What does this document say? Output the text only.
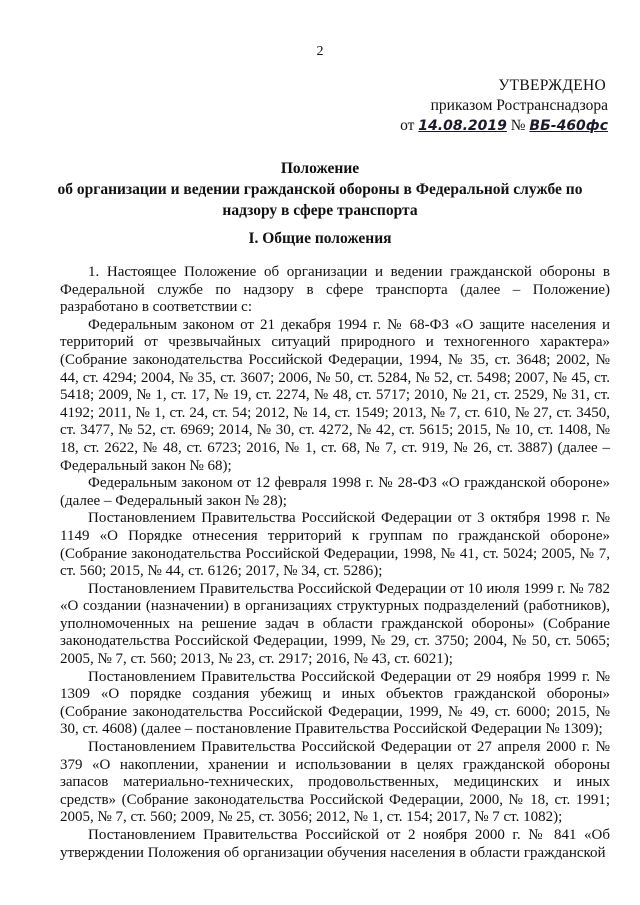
2
УТВЕРЖДЕНО
приказом Ространснадзора
от 14.08.2019 № ВБ-460фс
Положение
об организации и ведении гражданской обороны в Федеральной службе по
надзору в сфере транспорта
I. Общие положения

1. Настоящее Положение об организации и ведении гражданской обороны в Федеральной службе по надзору в сфере транспорта (далее – Положение) разработано в соответствии с:

Федеральным законом от 21 декабря 1994 г. № 68-ФЗ «О защите населения и территорий от чрезвычайных ситуаций природного и техногенного характера» (Собрание законодательства Российской Федерации, 1994, № 35, ст. 3648; 2002, № 44, ст. 4294; 2004, № 35, ст. 3607; 2006, № 50, ст. 5284, № 52, ст. 5498; 2007, № 45, ст. 5418; 2009, № 1, ст. 17, № 19, ст. 2274, № 48, ст. 5717; 2010, № 21, ст. 2529, № 31, ст. 4192; 2011, № 1, ст. 24, ст. 54; 2012, № 14, ст. 1549; 2013, № 7, ст. 610, № 27, ст. 3450, ст. 3477, № 52, ст. 6969; 2014, № 30, ст. 4272, № 42, ст. 5615; 2015, № 10, ст. 1408, № 18, ст. 2622, № 48, ст. 6723; 2016, № 1, ст. 68, № 7, ст. 919, № 26, ст. 3887) (далее – Федеральный закон № 68);

Федеральным законом от 12 февраля 1998 г. № 28-ФЗ «О гражданской обороне» (далее – Федеральный закон № 28);

Постановлением Правительства Российской Федерации от 3 октября 1998 г. № 1149 «О Порядке отнесения территорий к группам по гражданской обороне» (Собрание законодательства Российской Федерации, 1998, № 41, ст. 5024; 2005, № 7, ст. 560; 2015, № 44, ст. 6126; 2017, № 34, ст. 5286);

Постановлением Правительства Российской Федерации от 10 июля 1999 г. № 782 «О создании (назначении) в организациях структурных подразделений (работников), уполномоченных на решение задач в области гражданской обороны» (Собрание законодательства Российской Федерации, 1999, № 29, ст. 3750; 2004, № 50, ст. 5065; 2005, № 7, ст. 560; 2013, № 23, ст. 2917; 2016, № 43, ст. 6021);

Постановлением Правительства Российской Федерации от 29 ноября 1999 г. № 1309 «О порядке создания убежищ и иных объектов гражданской обороны» (Собрание законодательства Российской Федерации, 1999, № 49, ст. 6000; 2015, № 30, ст. 4608) (далее – постановление Правительства Российской Федерации № 1309);

Постановлением Правительства Российской Федерации от 27 апреля 2000 г. № 379 «О накоплении, хранении и использовании в целях гражданской обороны запасов материально-технических, продовольственных, медицинских и иных средств» (Собрание законодательства Российской Федерации, 2000, № 18, ст. 1991; 2005, № 7, ст. 560; 2009, № 25, ст. 3056; 2012, № 1, ст. 154; 2017, № 7 ст. 1082);

Постановлением Правительства Российской от 2 ноября 2000 г. № 841 «Об утверждении Положения об организации обучения населения в области гражданской
